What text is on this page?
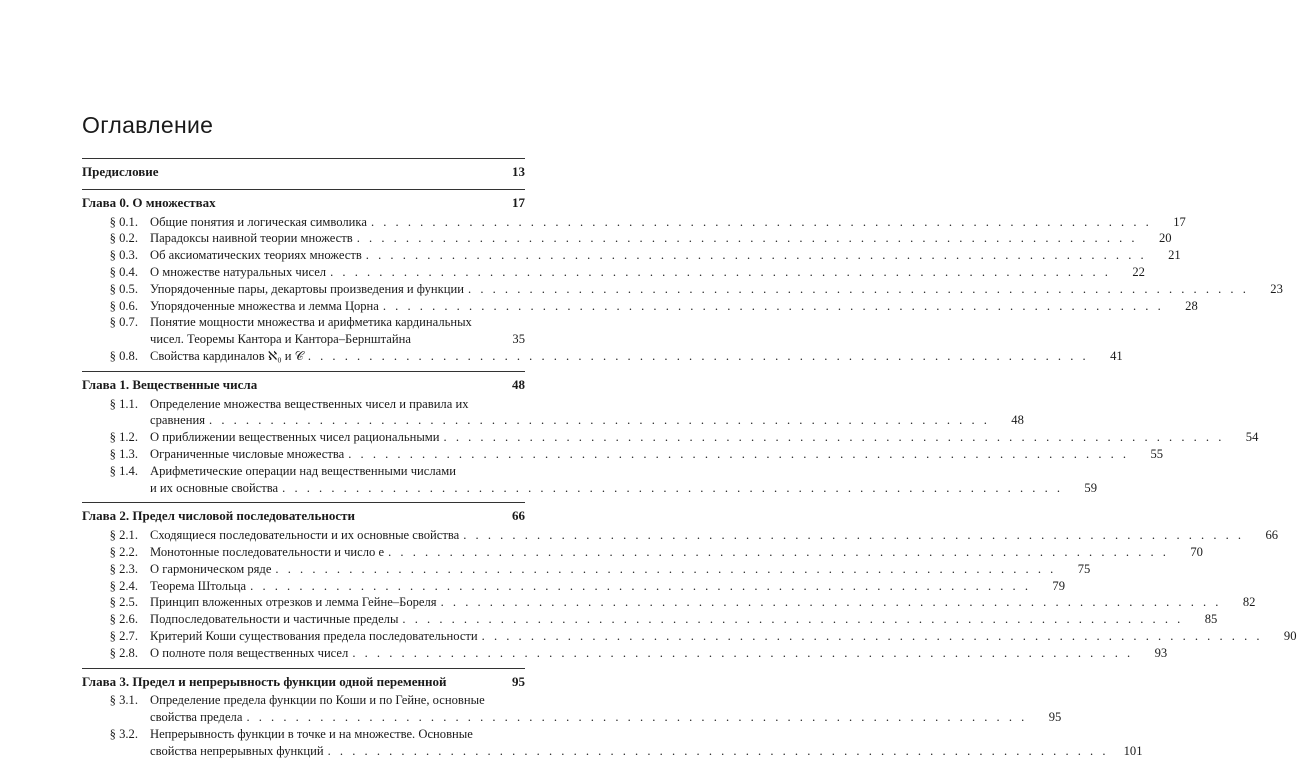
Оглавление
Предисловие	13
Глава 0. О множествах	17
§ 0.1. Общие понятия и логическая символика . . .	17
§ 0.2. Парадоксы наивной теории множеств . . .	20
§ 0.3. Об аксиоматических теориях множеств . . .	21
§ 0.4. О множестве натуральных чисел . . .	22
§ 0.5. Упорядоченные пары, декартовы произведения и функции . . .	23
§ 0.6. Упорядоченные множества и лемма Цорна . . .	28
§ 0.7. Понятие мощности множества и арифметика кардинальных
чисел. Теоремы Кантора и Кантора–Бернштайна	35
§ 0.8. Свойства кардиналов ℵ₀ и 𝒞 . . .	41
Глава 1. Вещественные числа	48
§ 1.1. Определение множества вещественных чисел и правила их
сравнения . . .	48
§ 1.2. О приближении вещественных чисел рациональными . . .	54
§ 1.3. Ограниченные числовые множества . . .	55
§ 1.4. Арифметические операции над вещественными числами
и их основные свойства . . .	59
Глава 2. Предел числовой последовательности	66
§ 2.1. Сходящиеся последовательности и их основные свойства . . .	66
§ 2.2. Монотонные последовательности и число e . . .	70
§ 2.3. О гармоническом ряде . . .	75
§ 2.4. Теорема Штольца . . .	79
§ 2.5. Принцип вложенных отрезков и лемма Гейне–Бореля . . .	82
§ 2.6. Подпоследовательности и частичные пределы . . .	85
§ 2.7. Критерий Коши существования предела последовательности . . .	90
§ 2.8. О полноте поля вещественных чисел . . .	93
Глава 3. Предел и непрерывность функции одной переменной	95
§ 3.1. Определение предела функции по Коши и по Гейне, основные
свойства предела . . .	95
§ 3.2. Непрерывность функции в точке и на множестве. Основные
свойства непрерывных функций . . .	101
